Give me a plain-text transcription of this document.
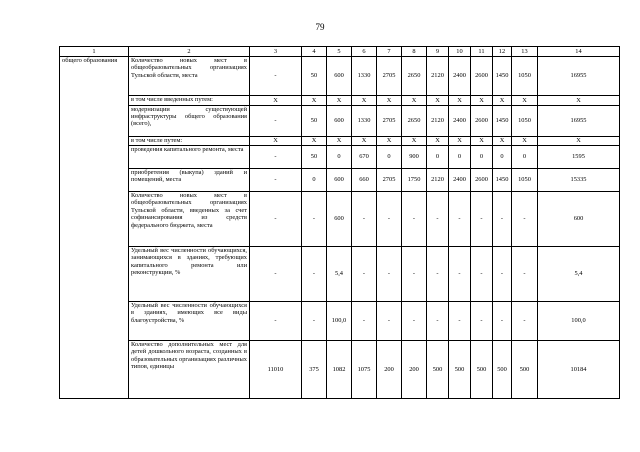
79
1	2	3	4	5	6	7	8	9	10	11	12	13	14
общего образования	Количество новых мест в общеобразовательных организациях Тульской области, места	-	50	600	1330	2705	2650	2120	2400	2600	1450	1050	16955
	в том числе введенных путем:	X	X	X	X	X	X	X	X	X	X	X	X
	модернизации существующей инфраструктуры общего образования (всего),	-	50	600	1330	2705	2650	2120	2400	2600	1450	1050	16955
	в том числе путем:	X	X	X	X	X	X	X	X	X	X	X	X
	проведения капитального ремонта, места	-	50	0	670	0	900	0	0	0	0	0	1595
	приобретения (выкупа) зданий и помещений, места	-	0	600	660	2705	1750	2120	2400	2600	1450	1050	15335
	Количество новых мест в общеобразовательных организациях Тульской области, введенных за счет софинансирования из средств федерального бюджета, места	-	-	600	-	-	-	-	-	-	-	-	600
	Удельный вес численности обучающихся, занимающихся в зданиях, требующих капитального ремонта или реконструкции, %	-	-	5,4	-	-	-	-	-	-	-	-	5,4
	Удельный вес численности обучающихся в зданиях, имеющих все виды благоустройства, %	-	-	100,0	-	-	-	-	-	-	-	-	100,0
	Количество дополнительных мест для детей дошкольного возраста, созданных в образовательных организациях различных типов, единицы	11010	375	1082	1075	200	200	500	500	500	500	500	10184
